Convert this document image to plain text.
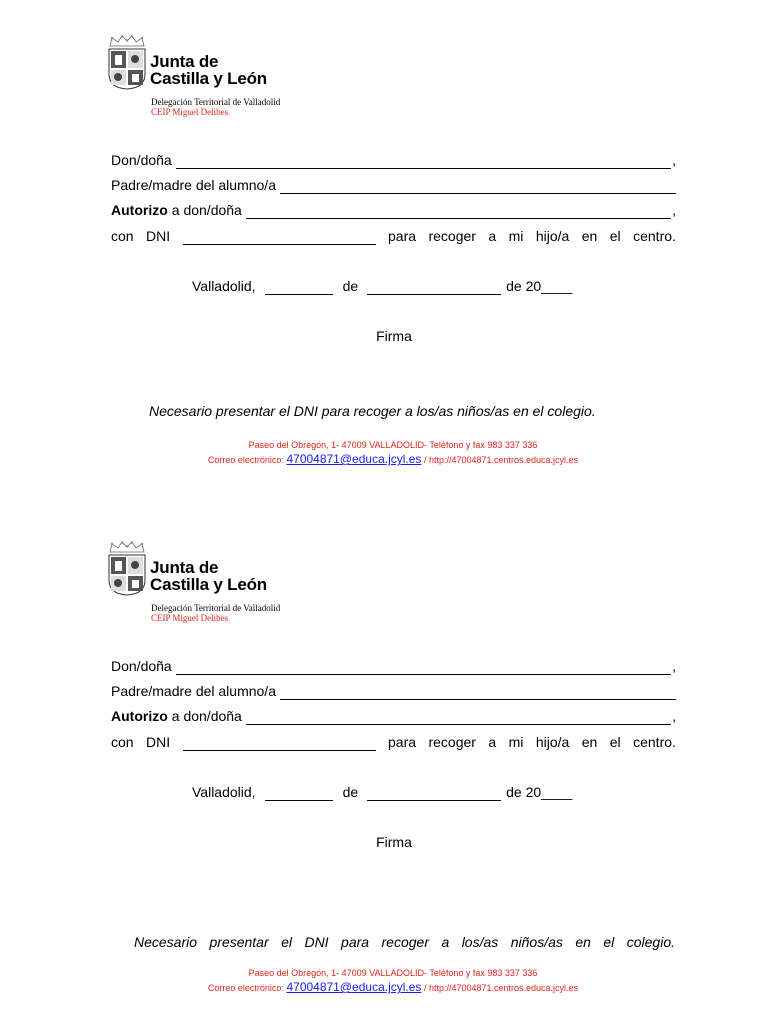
Junta de
Castilla y León
Delegación Territorial de Valladolid
CEIP Miguel Delibes
Don/doña	,
Padre/madre del alumno/a
Autorizo a don/doña	,
con DNI	para recoger a mi hijo/a en el centro.
Valladolid,	de	de 20 ____
Firma
Necesario presentar el DNI para recoger a los/as niños/as en el colegio.
Paseo del Obregón, 1- 47009 VALLADOLID- Teléfono y fax 983 337 336
Correo electrónico: 47004871@educa.jcyl.es / http://47004871.centros.educa.jcyl.es
Junta de
Castilla y León
Delegación Territorial de Valladolid
CEIP Miguel Delibes
Don/doña	,
Padre/madre del alumno/a
Autorizo a don/doña	,
con DNI	para recoger a mi hijo/a en el centro.
Valladolid,	de	de 20 ____
Firma
Necesario presentar el DNI para recoger a los/as niños/as en el colegio.
Paseo del Obregón, 1- 47009 VALLADOLID- Teléfono y fax 983 337 336
Correo electrónico: 47004871@educa.jcyl.es / http://47004871.centros.educa.jcyl.es
